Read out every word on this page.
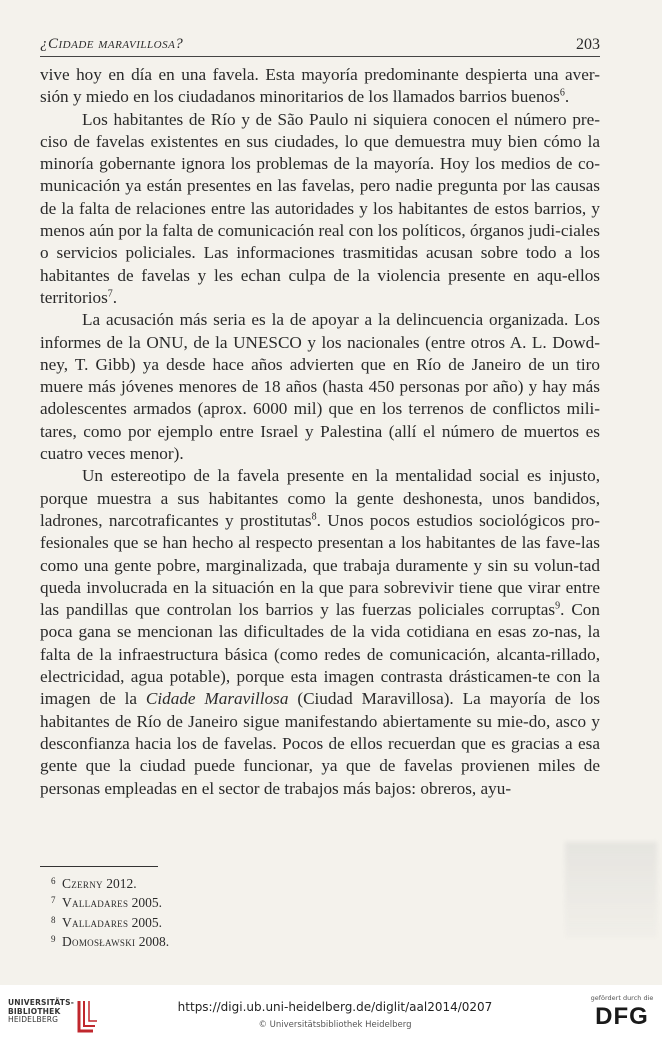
¿Cidade maravillosa?	203

vive hoy en día en una favela. Esta mayoría predominante despierta una aver-sión y miedo en los ciudadanos minoritarios de los llamados barrios buenos$^6$.

Los habitantes de Río y de São Paulo ni siquiera conocen el número pre-ciso de favelas existentes en sus ciudades, lo que demuestra muy bien cómo la minoría gobernante ignora los problemas de la mayoría. Hoy los medios de co-municación ya están presentes en las favelas, pero nadie pregunta por las causas de la falta de relaciones entre las autoridades y los habitantes de estos barrios, y menos aún por la falta de comunicación real con los políticos, órganos judi-ciales o servicios policiales. Las informaciones trasmitidas acusan sobre todo a los habitantes de favelas y les echan culpa de la violencia presente en aqu-ellos territorios$^7$.

La acusación más seria es la de apoyar a la delincuencia organizada. Los informes de la ONU, de la UNESCO y los nacionales (entre otros A. L. Dowd-ney, T. Gibb) ya desde hace años advierten que en Río de Janeiro de un tiro muere más jóvenes menores de 18 años (hasta 450 personas por año) y hay más adolescentes armados (aprox. 6000 mil) que en los terrenos de conflictos mili-tares, como por ejemplo entre Israel y Palestina (allí el número de muertos es cuatro veces menor).

Un estereotipo de la favela presente en la mentalidad social es injusto, porque muestra a sus habitantes como la gente deshonesta, unos bandidos, ladrones, narcotraficantes y prostitutas$^8$. Unos pocos estudios sociológicos pro-fesionales que se han hecho al respecto presentan a los habitantes de las fave-las como una gente pobre, marginalizada, que trabaja duramente y sin su volun-tad queda involucrada en la situación en la que para sobrevivir tiene que virar entre las pandillas que controlan los barrios y las fuerzas policiales corruptas$^9$. Con poca gana se mencionan las dificultades de la vida cotidiana en esas zo-nas, la falta de la infraestructura básica (como redes de comunicación, alcanta-rillado, electricidad, agua potable), porque esta imagen contrasta drásticamen-te con la imagen de la Cidade Maravillosa (Ciudad Maravillosa). La mayoría de los habitantes de Río de Janeiro sigue manifestando abiertamente su mie-do, asco y desconfianza hacia los de favelas. Pocos de ellos recuerdan que es gracias a esa gente que la ciudad puede funcionar, ya que de favelas provienen miles de personas empleadas en el sector de trabajos más bajos: obreros, ayu-

6 Czerny 2012.
7 Valladares 2005.
8 Valladares 2005.
9 Domosławski 2008.
UNIVERSITÄTS-
BIBLIOTHEK
HEIDELBERG
https://digi.ub.uni-heidelberg.de/diglit/aal2014/0207
© Universitätsbibliothek Heidelberg
gefördert durch die
DFG
